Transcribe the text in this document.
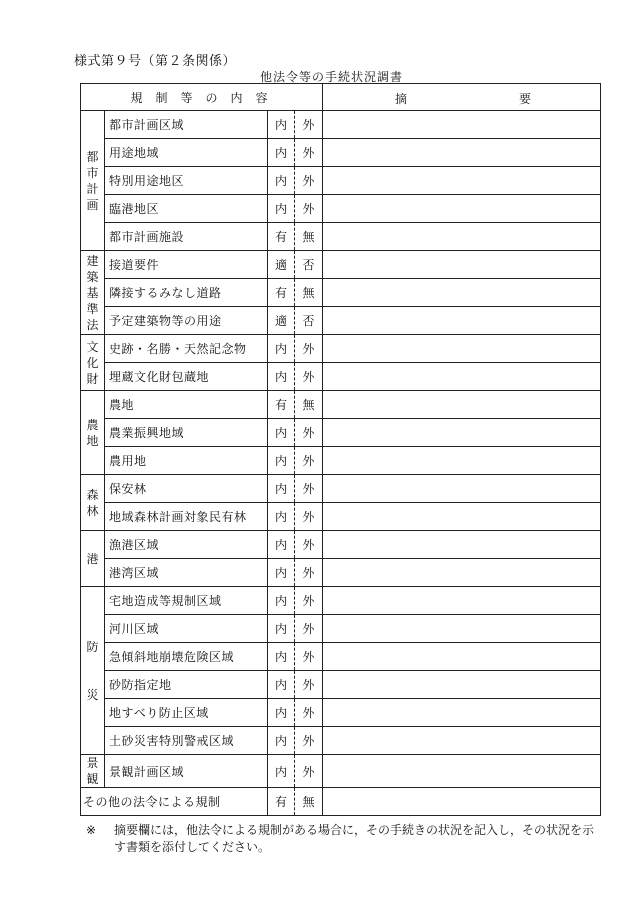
様式第９号（第２条関係）
他法令等の手続状況調書
規制等の内容				摘 要

都
市
計
画	都市計画区域	内	外	
	用途地域	内	外	
	特別用途地区	内	外	
	臨港地区	内	外	
	都市計画施設	有	無	

建
築
基
準
法	接道要件	適	否	
	隣接するみなし道路	有	無	
	予定建築物等の用途	適	否	

文
化
財	史跡・名勝・天然記念物	内	外	
	埋蔵文化財包蔵地	内	外	

農
地	農地	有	無	
	農業振興地域	内	外	
	農用地	内	外	

森
林	保安林	内	外	
	地域森林計画対象民有林	内	外	

港	漁港区域	内	外	
	港湾区域	内	外	

防
災	宅地造成等規制区域	内	外	
	河川区域	内	外	
	急傾斜地崩壊危険区域	内	外	
	砂防指定地	内	外	
	地すべり防止区域	内	外	
	土砂災害特別警戒区域	内	外	

景
観	景観計画区域	内	外	
その他の法令による規制		有	無	
※ 摘要欄には，他法令による規制がある場合に，その手続きの状況を記入し，その状況を示す書類を添付してください。
